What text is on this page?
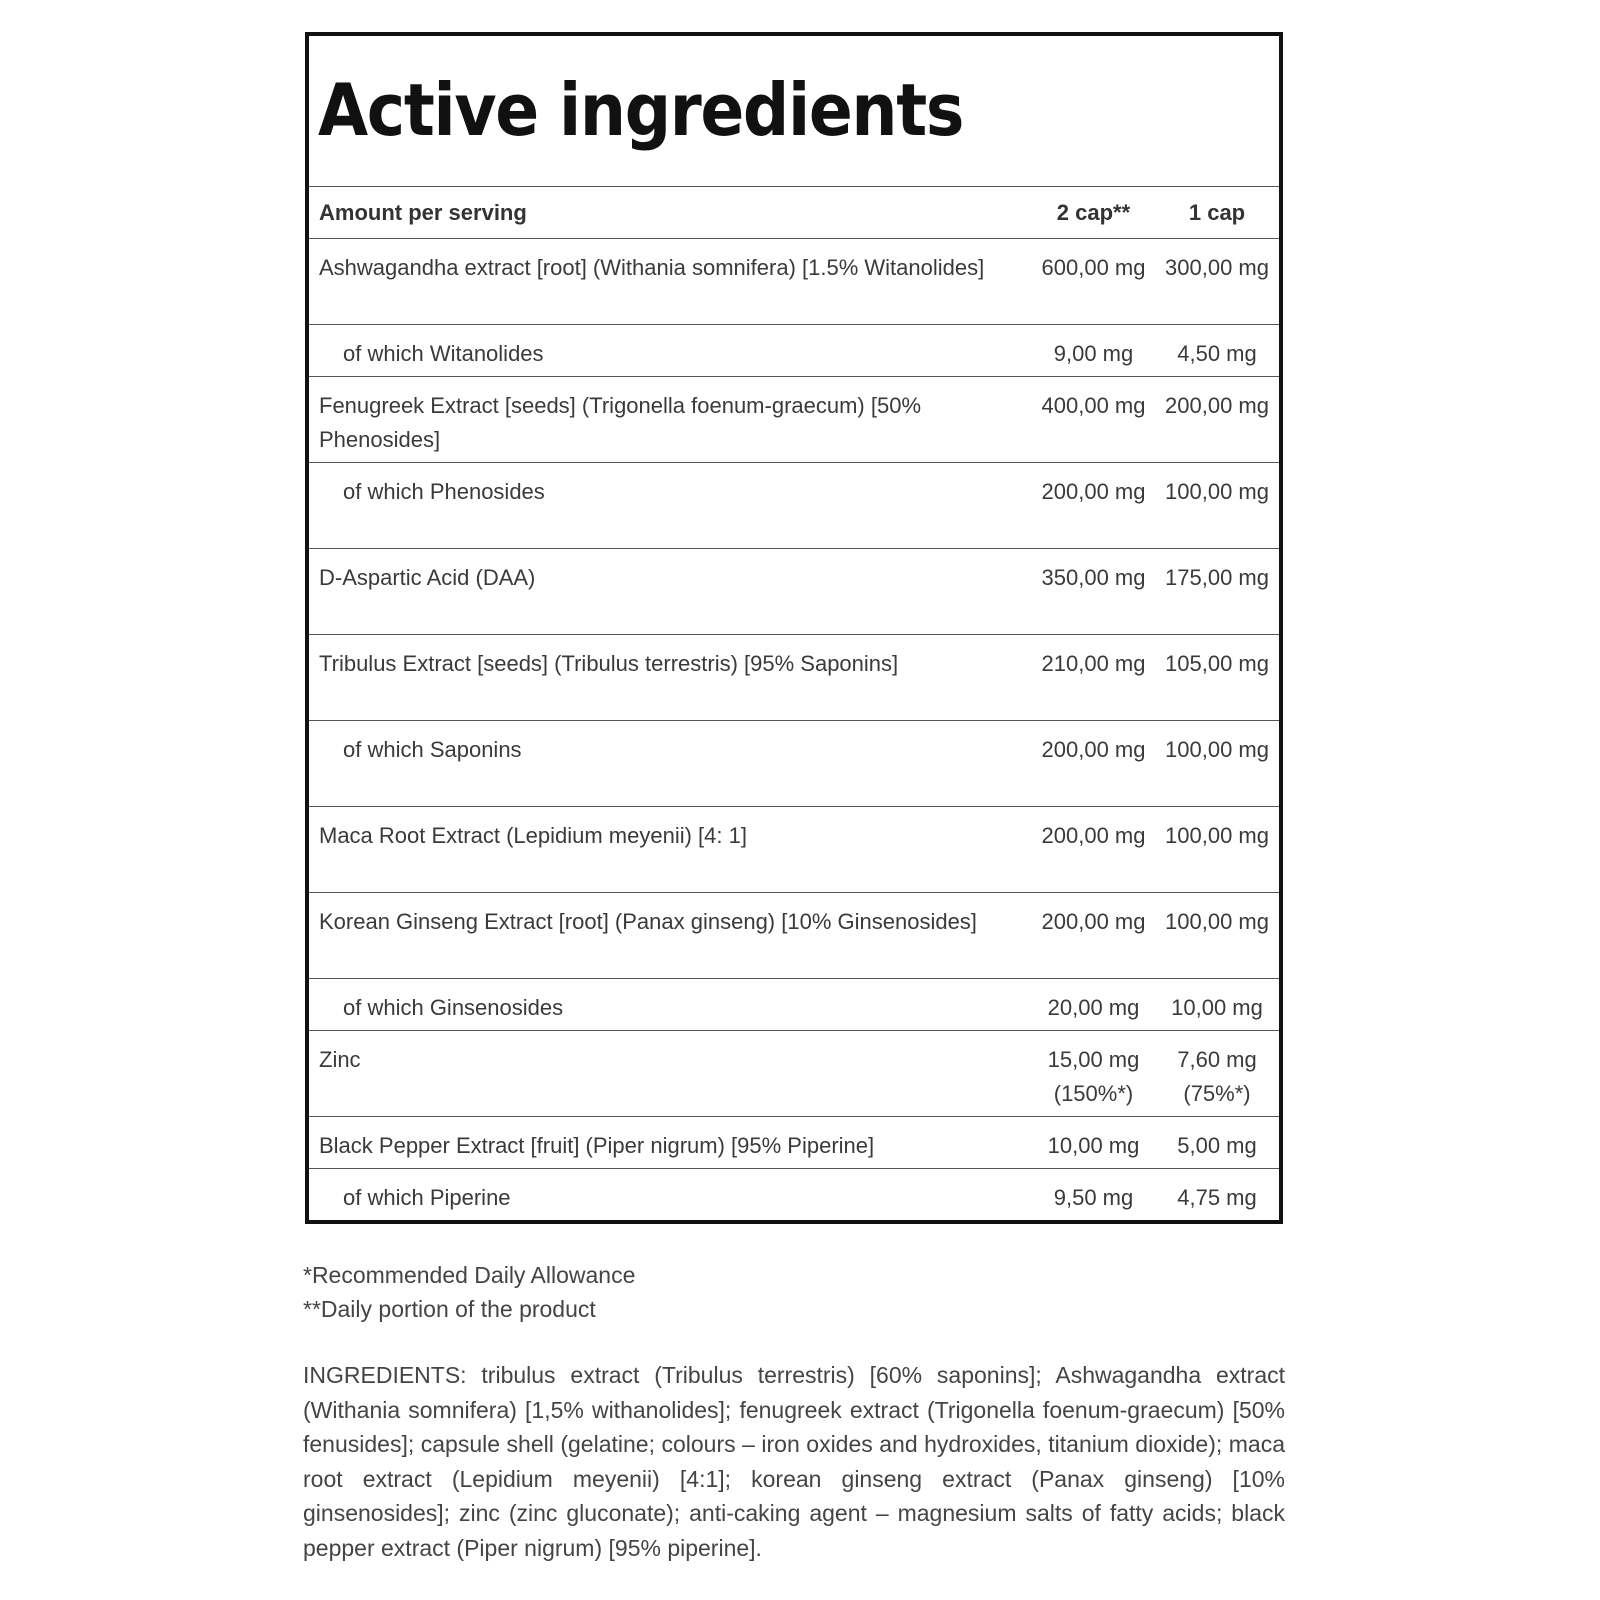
Active ingredients
Amount per serving	2 cap**	1 cap
Ashwagandha extract [root] (Withania somnifera) [1.5% Witanolides]	600,00 mg	300,00 mg
of which Witanolides	9,00 mg	4,50 mg
Fenugreek Extract [seeds] (Trigonella foenum-graecum) [50% Phenosides]	400,00 mg	200,00 mg
of which Phenosides	200,00 mg	100,00 mg
D-Aspartic Acid (DAA)	350,00 mg	175,00 mg
Tribulus Extract [seeds] (Tribulus terrestris) [95% Saponins]	210,00 mg	105,00 mg
of which Saponins	200,00 mg	100,00 mg
Maca Root Extract (Lepidium meyenii) [4: 1]	200,00 mg	100,00 mg
Korean Ginseng Extract [root] (Panax ginseng) [10% Ginsenosides]	200,00 mg	100,00 mg
of which Ginsenosides	20,00 mg	10,00 mg
Zinc	15,00 mg (150%*)	7,60 mg (75%*)
Black Pepper Extract [fruit] (Piper nigrum) [95% Piperine]	10,00 mg	5,00 mg
of which Piperine	9,50 mg	4,75 mg

*Recommended Daily Allowance

**Daily portion of the product

INGREDIENTS: tribulus extract (Tribulus terrestris) [60% saponins]; Ashwagandha extract (Withania somnifera) [1,5% withanolides]; fenugreek extract (Trigonella foenum-graecum) [50% fenusides]; capsule shell (gelatine; colours – iron oxides and hydroxides, titanium dioxide); maca root extract (Lepidium meyenii) [4:1]; korean ginseng extract (Panax ginseng) [10% ginsenosides]; zinc (zinc gluconate); anti-caking agent – magnesium salts of fatty acids; black pepper extract (Piper nigrum) [95% piperine].
